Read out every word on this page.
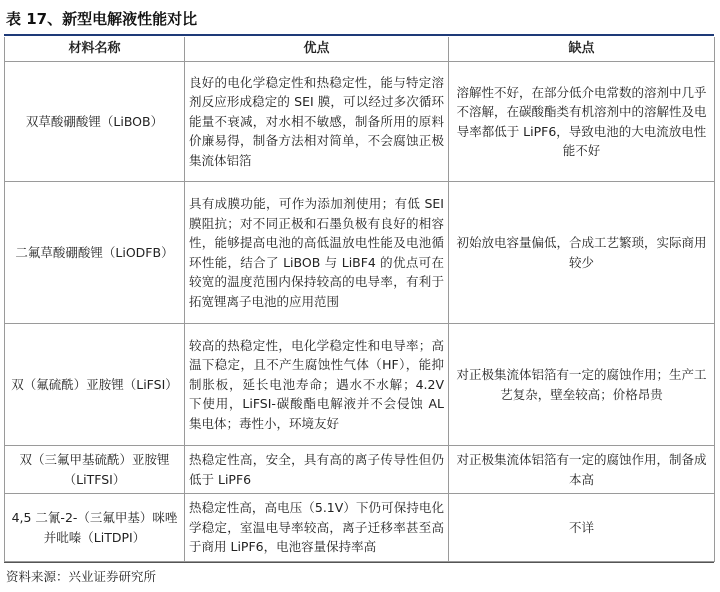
表 17、新型电解液性能对比
材料名称	优点	缺点
双草酸硼酸锂（LiBOB）	良好的电化学稳定性和热稳定性，能与特定溶剂反应形成稳定的 SEI 膜，可以经过多次循环能量不衰减，对水相不敏感，制备所用的原料价廉易得，制备方法相对简单，不会腐蚀正极集流体铝箔	溶解性不好，在部分低介电常数的溶剂中几乎不溶解，在碳酸酯类有机溶剂中的溶解性及电导率都低于 LiPF6，导致电池的大电流放电性能不好
二氟草酸硼酸锂（LiODFB）	具有成膜功能，可作为添加剂使用；有低 SEI 膜阻抗；对不同正极和石墨负极有良好的相容性，能够提高电池的高低温放电性能及电池循环性能，结合了 LiBOB 与 LiBF4 的优点可在较宽的温度范围内保持较高的电导率，有利于拓宽锂离子电池的应用范围	初始放电容量偏低，合成工艺繁琐，实际商用较少
双（氟硫酰）亚胺锂（LiFSI）	较高的热稳定性，电化学稳定性和电导率；高温下稳定，且不产生腐蚀性气体（HF），能抑制胀板，延长电池寿命；遇水不水解；4.2V 下使用，LiFSI-碳酸酯电解液并不会侵蚀 AL 集电体；毒性小，环境友好	对正极集流体铝箔有一定的腐蚀作用；生产工艺复杂，壁垒较高；价格昂贵
双（三氟甲基硫酰）亚胺锂（LiTFSI）	热稳定性高，安全，具有高的离子传导性但仍低于 LiPF6	对正极集流体铝箔有一定的腐蚀作用，制备成本高
4,5 二氰-2-（三氟甲基）咪唑并吡嗪（LiTDPI）	热稳定性高，高电压（5.1V）下仍可保持电化学稳定，室温电导率较高，离子迁移率甚至高于商用 LiPF6，电池容量保持率高	不详
资料来源：兴业证券研究所
